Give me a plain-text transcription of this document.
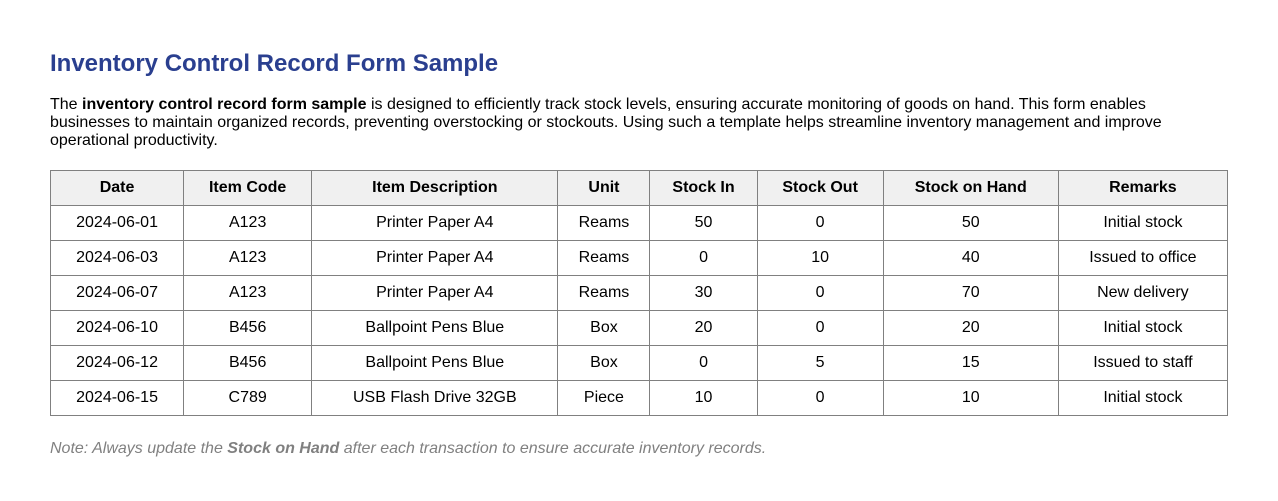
Inventory Control Record Form Sample

The inventory control record form sample is designed to efficiently track stock levels, ensuring accurate monitoring of goods on hand. This form enables businesses to maintain organized records, preventing overstocking or stockouts. Using such a template helps streamline inventory management and improve operational productivity.

Date	Item Code	Item Description	Unit	Stock In	Stock Out	Stock on Hand	Remarks
2024-06-01	A123	Printer Paper A4	Reams	50	0	50	Initial stock
2024-06-03	A123	Printer Paper A4	Reams	0	10	40	Issued to office
2024-06-07	A123	Printer Paper A4	Reams	30	0	70	New delivery
2024-06-10	B456	Ballpoint Pens Blue	Box	20	0	20	Initial stock
2024-06-12	B456	Ballpoint Pens Blue	Box	0	5	15	Issued to staff
2024-06-15	C789	USB Flash Drive 32GB	Piece	10	0	10	Initial stock

Note: Always update the Stock on Hand after each transaction to ensure accurate inventory records.
